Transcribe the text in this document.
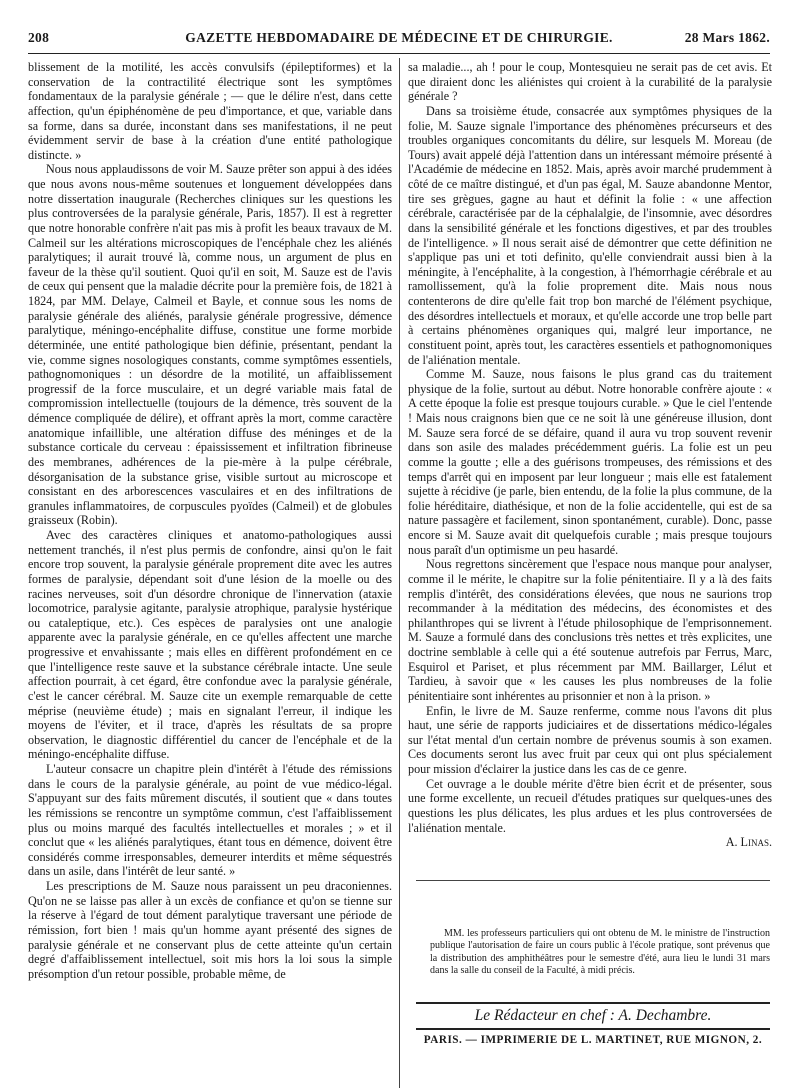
208	GAZETTE HEBDOMADAIRE DE MÉDECINE ET DE CHIRURGIE.	28 Mars 1862.

blissement de la motilité, les accès convulsifs (épileptiformes) et la conservation de la contractilité électrique sont les symptômes fondamentaux de la paralysie générale ; — que le délire n'est, dans cette affection, qu'un épiphénomène de peu d'importance, et que, variable dans sa forme, dans sa durée, inconstant dans ses manifestations, il ne peut évidemment servir de base à la création d'une entité pathologique distincte. »

Nous nous applaudissons de voir M. Sauze prêter son appui à des idées que nous avons nous-même soutenues et longuement développées dans notre dissertation inaugurale (Recherches cliniques sur les questions les plus controversées de la paralysie générale, Paris, 1857). Il est à regretter que notre honorable confrère n'ait pas mis à profit les beaux travaux de M. Calmeil sur les altérations microscopiques de l'encéphale chez les aliénés paralytiques; il aurait trouvé là, comme nous, un argument de plus en faveur de la thèse qu'il soutient. Quoi qu'il en soit, M. Sauze est de l'avis de ceux qui pensent que la maladie décrite pour la première fois, de 1821 à 1824, par MM. Delaye, Calmeil et Bayle, et connue sous les noms de paralysie générale des aliénés, paralysie générale progressive, démence paralytique, méningo-encéphalite diffuse, constitue une forme morbide déterminée, une entité pathologique bien définie, présentant, pendant la vie, comme signes nosologiques constants, comme symptômes essentiels, pathognomoniques : un désordre de la motilité, un affaiblissement progressif de la force musculaire, et un degré variable mais fatal de compromission intellectuelle (toujours de la démence, très souvent de la démence compliquée de délire), et offrant après la mort, comme caractère anatomique infaillible, une altération diffuse des méninges et de la substance corticale du cerveau : épaississement et infiltration fibrineuse des membranes, adhérences de la pie-mère à la pulpe cérébrale, désorganisation de la substance grise, visible surtout au microscope et consistant en des arborescences vasculaires et en des infiltrations de granules inflammatoires, de corpuscules pyoïdes (Calmeil) et de globules graisseux (Robin).

Avec des caractères cliniques et anatomo-pathologiques aussi nettement tranchés, il n'est plus permis de confondre, ainsi qu'on le fait encore trop souvent, la paralysie générale proprement dite avec les autres formes de paralysie, dépendant soit d'une lésion de la moelle ou des racines nerveuses, soit d'un désordre chronique de l'innervation (ataxie locomotrice, paralysie agitante, paralysie atrophique, paralysie hystérique ou cataleptique, etc.). Ces espèces de paralysies ont une analogie apparente avec la paralysie générale, en ce qu'elles affectent une marche progressive et envahissante ; mais elles en diffèrent profondément en ce que l'intelligence reste sauve et la substance cérébrale intacte. Une seule affection pourrait, à cet égard, être confondue avec la paralysie générale, c'est le cancer cérébral. M. Sauze cite un exemple remarquable de cette méprise (neuvième étude) ; mais en signalant l'erreur, il indique les moyens de l'éviter, et il trace, d'après les résultats de sa propre observation, le diagnostic différentiel du cancer de l'encéphale et de la méningo-encéphalite diffuse.

L'auteur consacre un chapitre plein d'intérêt à l'étude des rémissions dans le cours de la paralysie générale, au point de vue médico-légal. S'appuyant sur des faits mûrement discutés, il soutient que « dans toutes les rémissions se rencontre un symptôme commun, c'est l'affaiblissement plus ou moins marqué des facultés intellectuelles et morales ; » et il conclut que « les aliénés paralytiques, étant tous en démence, doivent être considérés comme irresponsables, demeurer interdits et même séquestrés dans un asile, dans l'intérêt de leur santé. »

Les prescriptions de M. Sauze nous paraissent un peu draconiennes. Qu'on ne se laisse pas aller à un excès de confiance et qu'on se tienne sur la réserve à l'égard de tout dément paralytique traversant une période de rémission, fort bien ! mais qu'un homme ayant présenté des signes de paralysie générale et ne conservant plus de cette atteinte qu'un certain degré d'affaiblissement intellectuel, soit mis hors la loi sous la simple présomption d'un retour possible, probable même, de

sa maladie..., ah ! pour le coup, Montesquieu ne serait pas de cet avis. Et que diraient donc les aliénistes qui croient à la curabilité de la paralysie générale ?

Dans sa troisième étude, consacrée aux symptômes physiques de la folie, M. Sauze signale l'importance des phénomènes précurseurs et des troubles organiques concomitants du délire, sur lesquels M. Moreau (de Tours) avait appelé déjà l'attention dans un intéressant mémoire présenté à l'Académie de médecine en 1852. Mais, après avoir marché prudemment à côté de ce maître distingué, et d'un pas égal, M. Sauze abandonne Mentor, tire ses grègues, gagne au haut et définit la folie : « une affection cérébrale, caractérisée par de la céphalalgie, de l'insomnie, avec désordres dans la sensibilité générale et les fonctions digestives, et par des troubles de l'intelligence. » Il nous serait aisé de démontrer que cette définition ne s'applique pas uni et toti definito, qu'elle conviendrait aussi bien à la méningite, à l'encéphalite, à la congestion, à l'hémorrhagie cérébrale et au ramollissement, qu'à la folie proprement dite. Mais nous nous contenterons de dire qu'elle fait trop bon marché de l'élément psychique, des désordres intellectuels et moraux, et qu'elle accorde une trop belle part à certains phénomènes organiques qui, malgré leur importance, ne constituent point, après tout, les caractères essentiels et pathognomoniques de l'aliénation mentale.

Comme M. Sauze, nous faisons le plus grand cas du traitement physique de la folie, surtout au début. Notre honorable confrère ajoute : « A cette époque la folie est presque toujours curable. » Que le ciel l'entende ! Mais nous craignons bien que ce ne soit là une généreuse illusion, dont M. Sauze sera forcé de se défaire, quand il aura vu trop souvent revenir dans son asile des malades précédemment guéris. La folie est un peu comme la goutte ; elle a des guérisons trompeuses, des rémissions et des temps d'arrêt qui en imposent par leur longueur ; mais elle est fatalement sujette à récidive (je parle, bien entendu, de la folie la plus commune, de la folie héréditaire, diathésique, et non de la folie accidentelle, qui est de sa nature passagère et facilement, sinon spontanément, curable). Donc, passe encore si M. Sauze avait dit quelquefois curable ; mais presque toujours nous paraît d'un optimisme un peu hasardé.

Nous regrettons sincèrement que l'espace nous manque pour analyser, comme il le mérite, le chapitre sur la folie pénitentiaire. Il y a là des faits remplis d'intérêt, des considérations élevées, que nous ne saurions trop recommander à la méditation des médecins, des économistes et des philanthropes qui se livrent à l'étude philosophique de l'emprisonnement. M. Sauze a formulé dans des conclusions très nettes et très explicites, une doctrine semblable à celle qui a été soutenue autrefois par Ferrus, Marc, Esquirol et Pariset, et plus récemment par MM. Baillarger, Lélut et Tardieu, à savoir que « les causes les plus nombreuses de la folie pénitentiaire sont inhérentes au prisonnier et non à la prison. »

Enfin, le livre de M. Sauze renferme, comme nous l'avons dit plus haut, une série de rapports judiciaires et de dissertations médico-légales sur l'état mental d'un certain nombre de prévenus soumis à son examen. Ces documents seront lus avec fruit par ceux qui ont plus spécialement pour mission d'éclairer la justice dans les cas de ce genre.

Cet ouvrage a le double mérite d'être bien écrit et de présenter, sous une forme excellente, un recueil d'études pratiques sur quelques-unes des questions les plus délicates, les plus ardues et les plus controversées de l'aliénation mentale.

A. Linas.

MM. les professeurs particuliers qui ont obtenu de M. le ministre de l'instruction publique l'autorisation de faire un cours public à l'école pratique, sont prévenus que la distribution des amphithéâtres pour le semestre d'été, aura lieu le lundi 31 mars dans la salle du conseil de la Faculté, à midi précis.

Le Rédacteur en chef : A. Dechambre.
PARIS. — IMPRIMERIE DE L. MARTINET, RUE MIGNON, 2.
